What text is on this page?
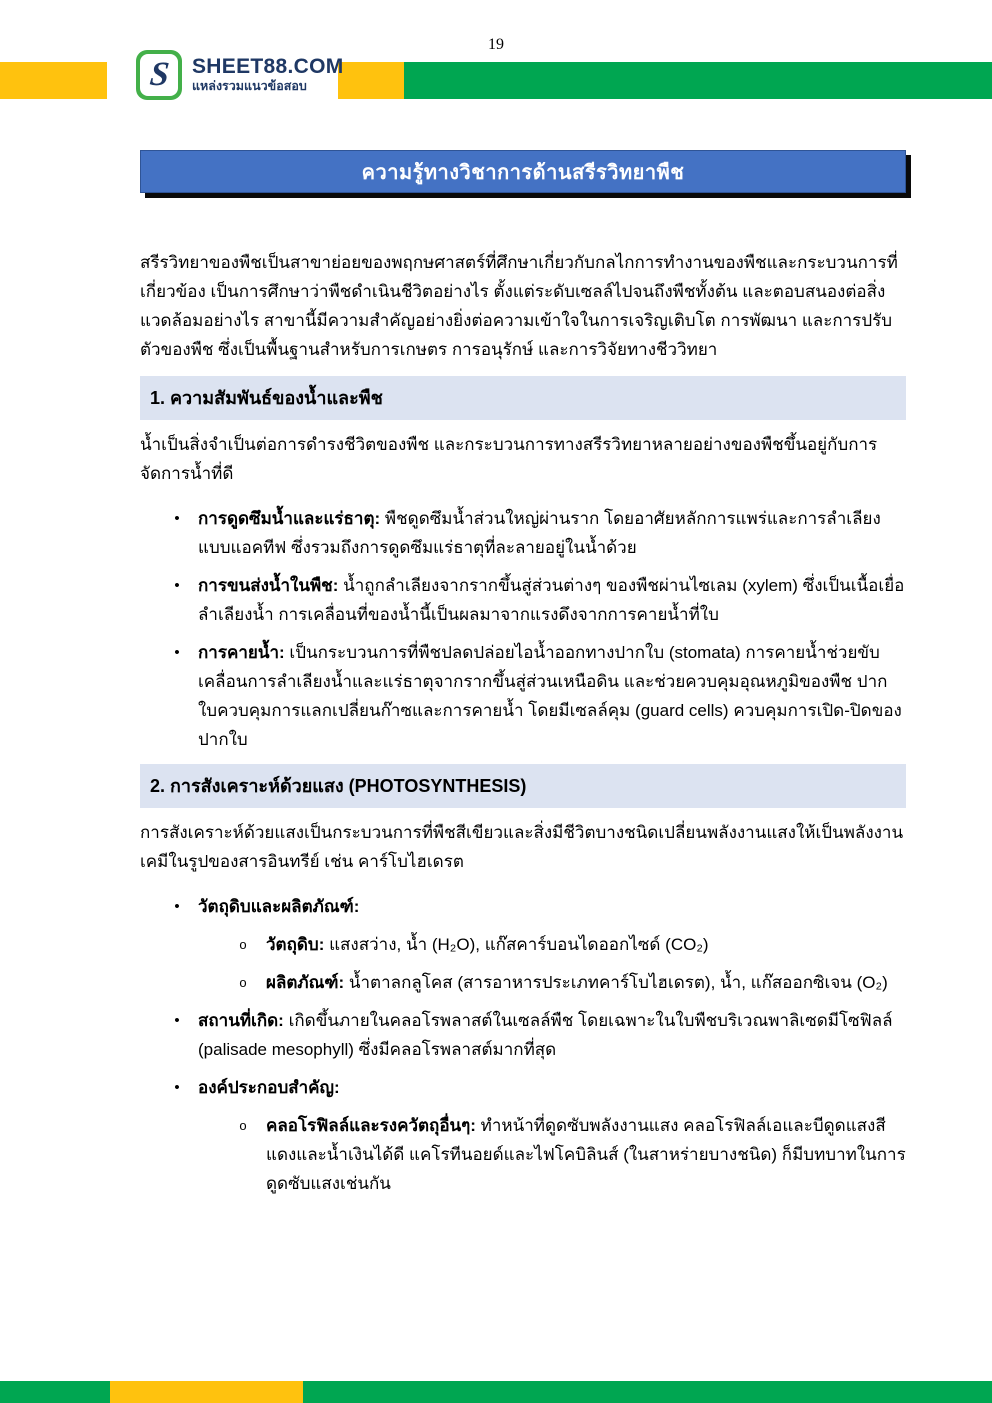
19
S SHEET88.COM
แหล่งรวมแนวข้อสอบ
ความรู้ทางวิชาการด้านสรีรวิทยาพืช

สรีรวิทยาของพืชเป็นสาขาย่อยของพฤกษศาสตร์ที่ศึกษาเกี่ยวกับกลไกการทำงานของพืชและกระบวนการที่เกี่ยวข้อง เป็นการศึกษาว่าพืชดำเนินชีวิตอย่างไร ตั้งแต่ระดับเซลล์ไปจนถึงพืชทั้งต้น และตอบสนองต่อสิ่งแวดล้อมอย่างไร สาขานี้มีความสำคัญอย่างยิ่งต่อความเข้าใจในการเจริญเติบโต การพัฒนา และการปรับตัวของพืช ซึ่งเป็นพื้นฐานสำหรับการเกษตร การอนุรักษ์ และการวิจัยทางชีววิทยา

1. ความสัมพันธ์ของน้ำและพืช

น้ำเป็นสิ่งจำเป็นต่อการดำรงชีวิตของพืช และกระบวนการทางสรีรวิทยาหลายอย่างของพืชขึ้นอยู่กับการจัดการน้ำที่ดี

•	การดูดซึมน้ำและแร่ธาตุ: พืชดูดซึมน้ำส่วนใหญ่ผ่านราก โดยอาศัยหลักการแพร่และการลำเลียงแบบแอคทีฟ ซึ่งรวมถึงการดูดซึมแร่ธาตุที่ละลายอยู่ในน้ำด้วย
•	การขนส่งน้ำในพืช: น้ำถูกลำเลียงจากรากขึ้นสู่ส่วนต่างๆ ของพืชผ่านไซเลม (xylem) ซึ่งเป็นเนื้อเยื่อลำเลียงน้ำ การเคลื่อนที่ของน้ำนี้เป็นผลมาจากแรงดึงจากการคายน้ำที่ใบ
•	การคายน้ำ: เป็นกระบวนการที่พืชปลดปล่อยไอน้ำออกทางปากใบ (stomata) การคายน้ำช่วยขับเคลื่อนการลำเลียงน้ำและแร่ธาตุจากรากขึ้นสู่ส่วนเหนือดิน และช่วยควบคุมอุณหภูมิของพืช ปากใบควบคุมการแลกเปลี่ยนก๊าซและการคายน้ำ โดยมีเซลล์คุม (guard cells) ควบคุมการเปิด-ปิดของปากใบ
2. การสังเคราะห์ด้วยแสง (PHOTOSYNTHESIS)

การสังเคราะห์ด้วยแสงเป็นกระบวนการที่พืชสีเขียวและสิ่งมีชีวิตบางชนิดเปลี่ยนพลังงานแสงให้เป็นพลังงานเคมีในรูปของสารอินทรีย์ เช่น คาร์โบไฮเดรต

•	วัตถุดิบและผลิตภัณฑ์:
o	วัตถุดิบ: แสงสว่าง, น้ำ (H₂O), แก๊สคาร์บอนไดออกไซด์ (CO₂)
o	ผลิตภัณฑ์: น้ำตาลกลูโคส (สารอาหารประเภทคาร์โบไฮเดรต), น้ำ, แก๊สออกซิเจน (O₂)
•	สถานที่เกิด: เกิดขึ้นภายในคลอโรพลาสต์ในเซลล์พืช โดยเฉพาะในใบพืชบริเวณพาลิเซดมีโซฟิลล์ (palisade mesophyll) ซึ่งมีคลอโรพลาสต์มากที่สุด
•	องค์ประกอบสำคัญ:
o	คลอโรฟิลล์และรงควัตถุอื่นๆ: ทำหน้าที่ดูดซับพลังงานแสง คลอโรฟิลล์เอและบีดูดแสงสีแดงและน้ำเงินได้ดี แคโรทีนอยด์และไฟโคบิลินส์ (ในสาหร่ายบางชนิด) ก็มีบทบาทในการดูดซับแสงเช่นกัน
